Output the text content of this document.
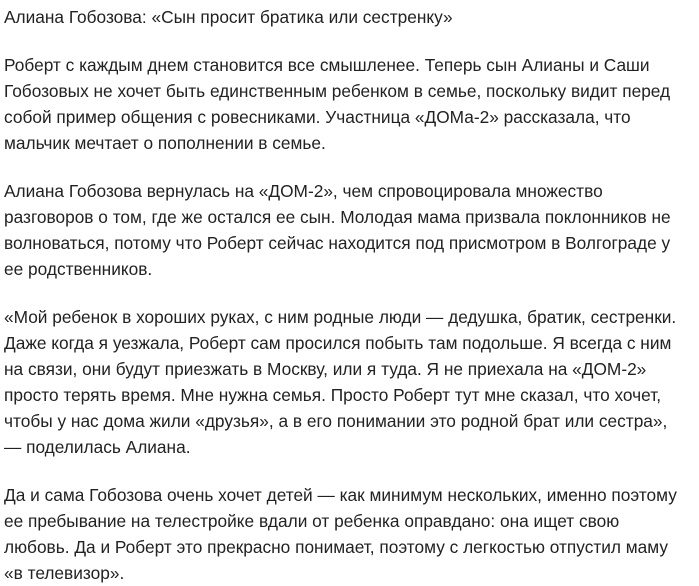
Алиана Гобозова: «Сын просит братика или сестренку»

Роберт с каждым днем становится все смышленее. Теперь сын Алианы и Саши Гобозовых не хочет быть единственным ребенком в семье, поскольку видит перед собой пример общения с ровесниками. Участница «ДОМа-2» рассказала, что мальчик мечтает о пополнении в семье.

Алиана Гобозова вернулась на «ДОМ-2», чем спровоцировала множество разговоров о том, где же остался ее сын. Молодая мама призвала поклонников не волноваться, потому что Роберт сейчас находится под присмотром в Волгограде у ее родственников.

«Мой ребенок в хороших руках, с ним родные люди — дедушка, братик, сестренки. Даже когда я уезжала, Роберт сам просился побыть там подольше. Я всегда с ним на связи, они будут приезжать в Москву, или я туда. Я не приехала на «ДОМ-2» просто терять время. Мне нужна семья. Просто Роберт тут мне сказал, что хочет, чтобы у нас дома жили «друзья», а в его понимании это родной брат или сестра», — поделилась Алиана.

Да и сама Гобозова очень хочет детей — как минимум нескольких, именно поэтому ее пребывание на телестройке вдали от ребенка оправдано: она ищет свою любовь. Да и Роберт это прекрасно понимает, поэтому с легкостью отпустил маму «в телевизор».
